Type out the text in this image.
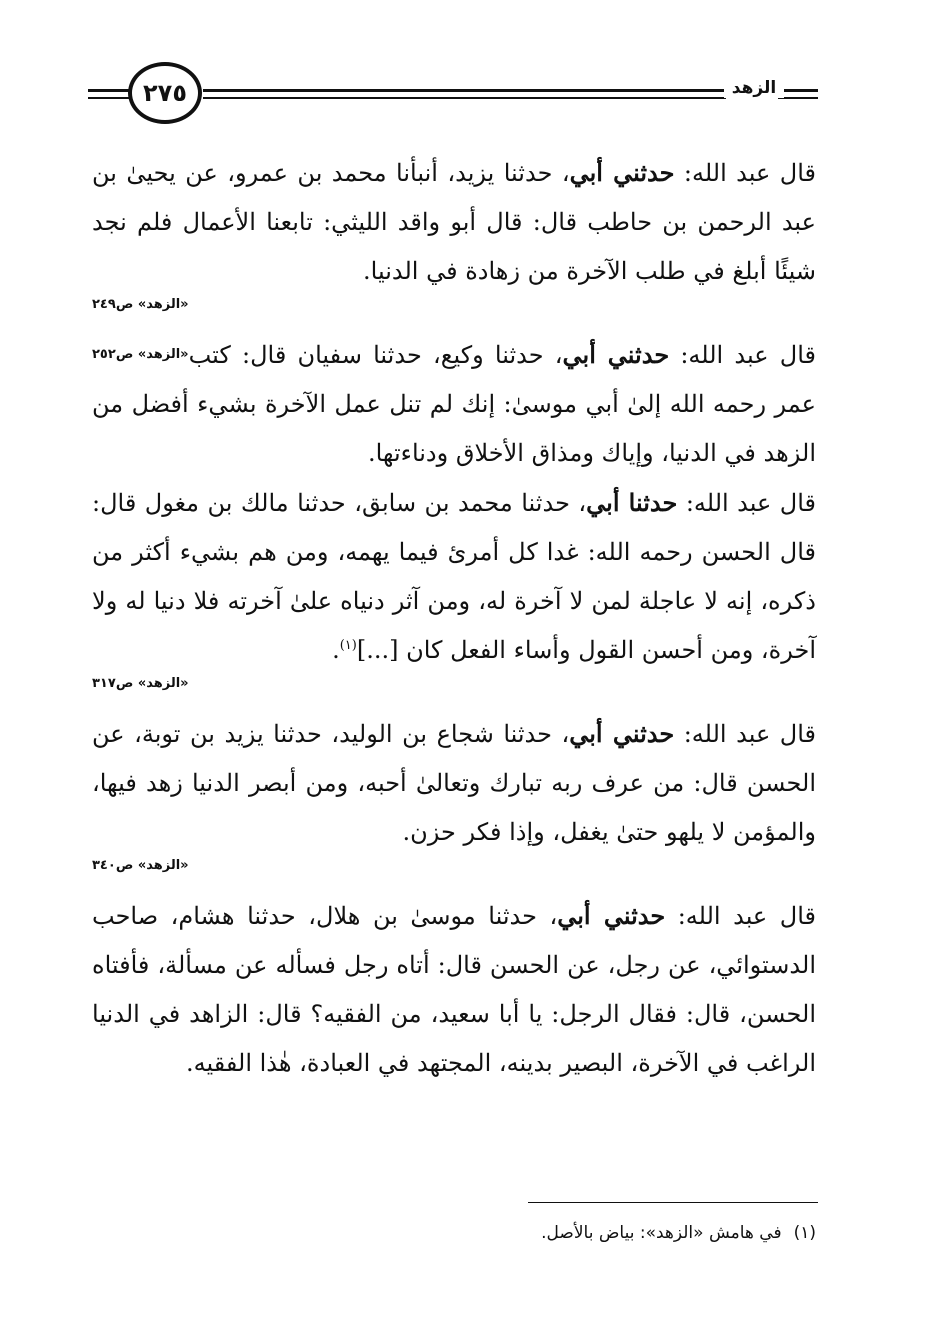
٢٧٥	الزهد

قال عبد الله: حدثني أبي، حدثنا يزيد، أنبأنا محمد بن عمرو، عن يحيىٰ بن عبد الرحمن بن حاطب قال: قال أبو واقد الليثي: تابعنا الأعمال فلم نجد شيئًا أبلغ في طلب الآخرة من زهادة في الدنيا.

«الزهد» ص٢٤٩

«الزهد» ص٢٥٢	قال عبد الله: حدثني أبي، حدثنا وكيع، حدثنا سفيان قال: كتب عمر رحمه الله إلىٰ أبي موسىٰ: إنك لم تنل عمل الآخرة بشيء أفضل من الزهد في الدنيا، وإياك ومذاق الأخلاق ودناءتها.

قال عبد الله: حدثنا أبي، حدثنا محمد بن سابق، حدثنا مالك بن مغول قال: قال الحسن رحمه الله: غدا كل أمرئ فيما يهمه، ومن هم بشيء أكثر من ذكره، إنه لا عاجلة لمن لا آخرة له، ومن آثر دنياه علىٰ آخرته فلا دنيا له ولا آخرة، ومن أحسن القول وأساء الفعل كان [...]$^{(١)}$.

«الزهد» ص٣١٧

قال عبد الله: حدثني أبي، حدثنا شجاع بن الوليد، حدثنا يزيد بن توبة، عن الحسن قال: من عرف ربه تبارك وتعالىٰ أحبه، ومن أبصر الدنيا زهد فيها، والمؤمن لا يلهو حتىٰ يغفل، وإذا فكر حزن.

«الزهد» ص٣٤٠

قال عبد الله: حدثني أبي، حدثنا موسىٰ بن هلال، حدثنا هشام، صاحب الدستوائي، عن رجل، عن الحسن قال: أتاه رجل فسأله عن مسألة، فأفتاه الحسن، قال: فقال الرجل: يا أبا سعيد، من الفقيه؟ قال: الزاهد في الدنيا الراغب في الآخرة، البصير بدينه، المجتهد في العبادة، هٰذا الفقيه.

(١)في هامش «الزهد»: بياض بالأصل.
